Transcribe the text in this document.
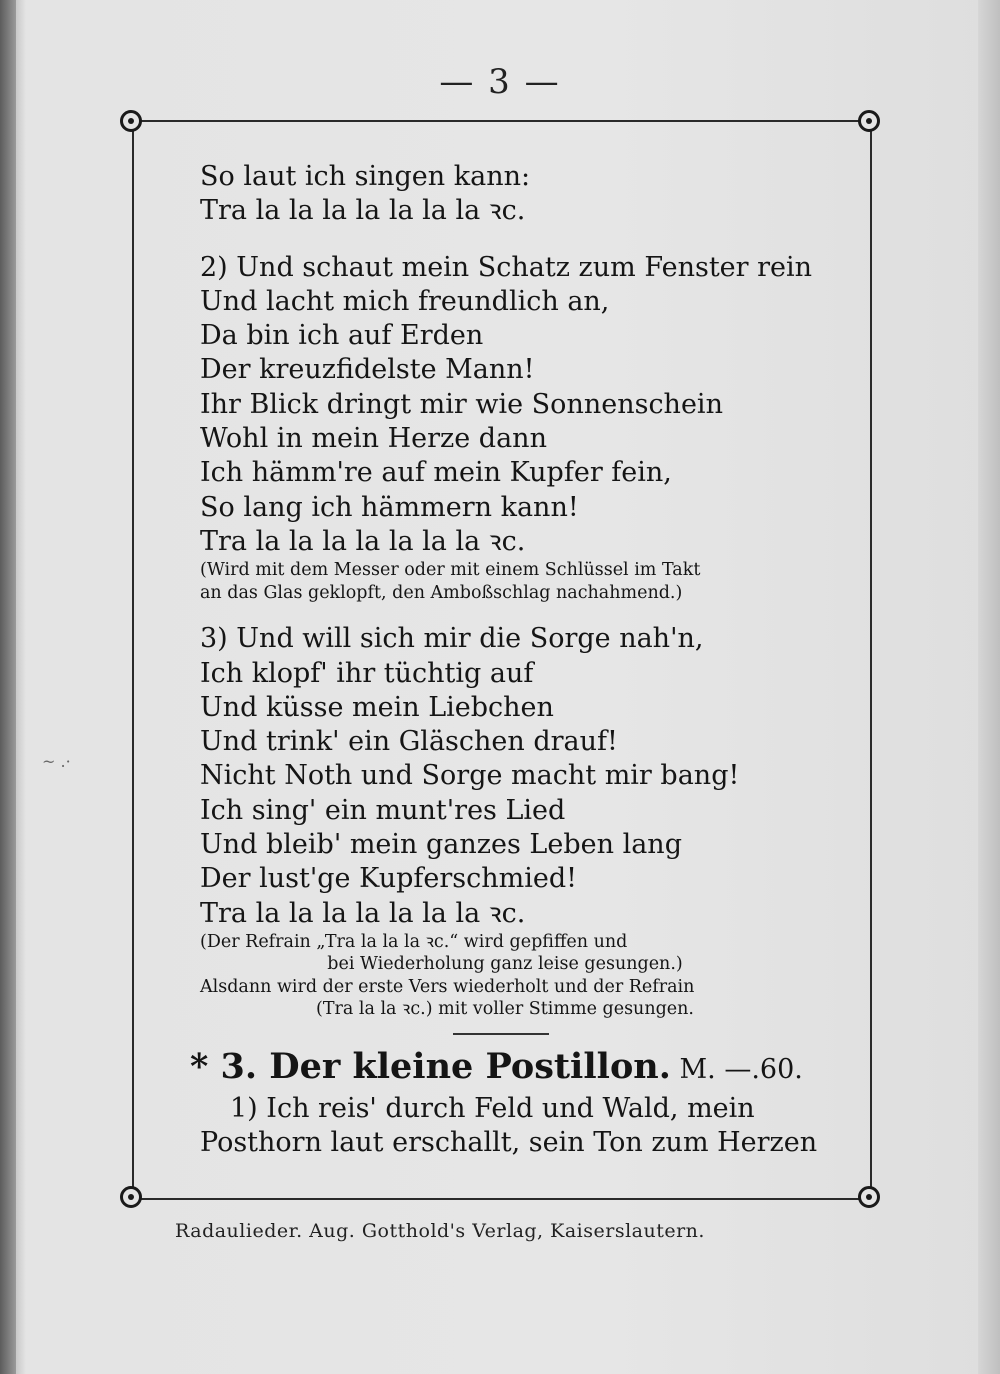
— 3 —
~ .·
So laut ich singen kann:
Tra la la la la la la la ꝛc.
2) Und schaut mein Schatz zum Fenster rein
Und lacht mich freundlich an,
Da bin ich auf Erden
Der kreuzfidelste Mann!
Ihr Blick dringt mir wie Sonnenschein
Wohl in mein Herze dann
Ich hämm're auf mein Kupfer fein,
So lang ich hämmern kann!
Tra la la la la la la la ꝛc.
(Wird mit dem Messer oder mit einem Schlüssel im Takt
an das Glas geklopft, den Amboßschlag nachahmend.)
3) Und will sich mir die Sorge nah'n,
Ich klopf' ihr tüchtig auf
Und küsse mein Liebchen
Und trink' ein Gläschen drauf!
Nicht Noth und Sorge macht mir bang!
Ich sing' ein munt'res Lied
Und bleib' mein ganzes Leben lang
Der lust'ge Kupferschmied!
Tra la la la la la la la ꝛc.
(Der Refrain „Tra la la la ꝛc.“ wird gepfiffen und
bei Wiederholung ganz leise gesungen.)
Alsdann wird der erste Vers wiederholt und der Refrain
(Tra la la ꝛc.) mit voller Stimme gesungen.
* 3. Der kleine Postillon. M. —.60.
1) Ich reis' durch Feld und Wald, mein
Posthorn laut erschallt, sein Ton zum Herzen
Radaulieder. Aug. Gotthold's Verlag, Kaiserslautern.
